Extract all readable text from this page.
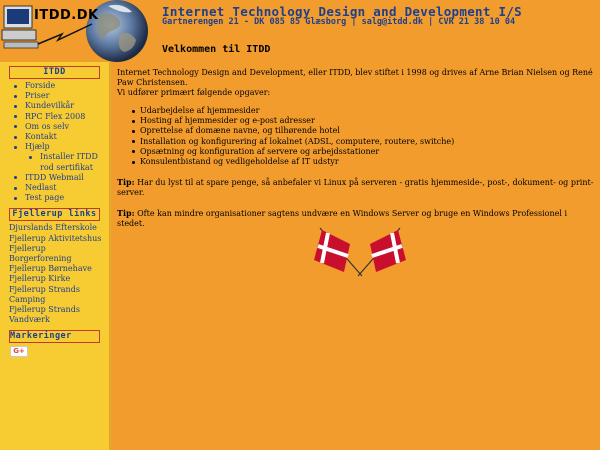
ITDD.DK	Internet Technology Design and Development I/S
Gartnerengen 21 - DK 085 85 Glæsborg | salg@itdd.dk | CVR 21 38 10 04
ITDD
Forside
Priser
Kundevilkår
RPC Flex 2008
Om os selv
Kontakt
Hjælp
Installer ITDD rod sertifikat
ITDD Webmail
Nedlast
Test page
Fjellerup links
Djurslands Efterskole
Fjellerup Aktivitetshus
Fjellerup Borgerforening
Fjellerup Børnehave
Fjellerup Kirke
Fjellerup Strands Camping
Fjellerup Strands Vandværk
Markeringer
G+
Velkommen til ITDD

Internet Technology Design and Development, eller ITDD, blev stiftet i 1998 og drives af Arne Brian Nielsen og René Paw Christensen.

Vi udfører primært følgende opgaver:

Udarbejdelse af hjemmesider
Hosting af hjemmesider og e-post adresser
Oprettelse af domæne navne, og tilhørende hotel
Installation og konfigurering af lokalnet (ADSL, computere, routere, switche)
Opsætning og konfiguration af servere og arbejdsstationer
Konsulentbistand og vedligeholdelse af IT udstyr

Tip: Har du lyst til at spare penge, så anbefaler vi Linux på serveren - gratis hjemmeside-, post-, dokument- og print-server.

Tip: Ofte kan mindre organisationer sagtens undvære en Windows Server og bruge en Windows Professionel i stedet.
